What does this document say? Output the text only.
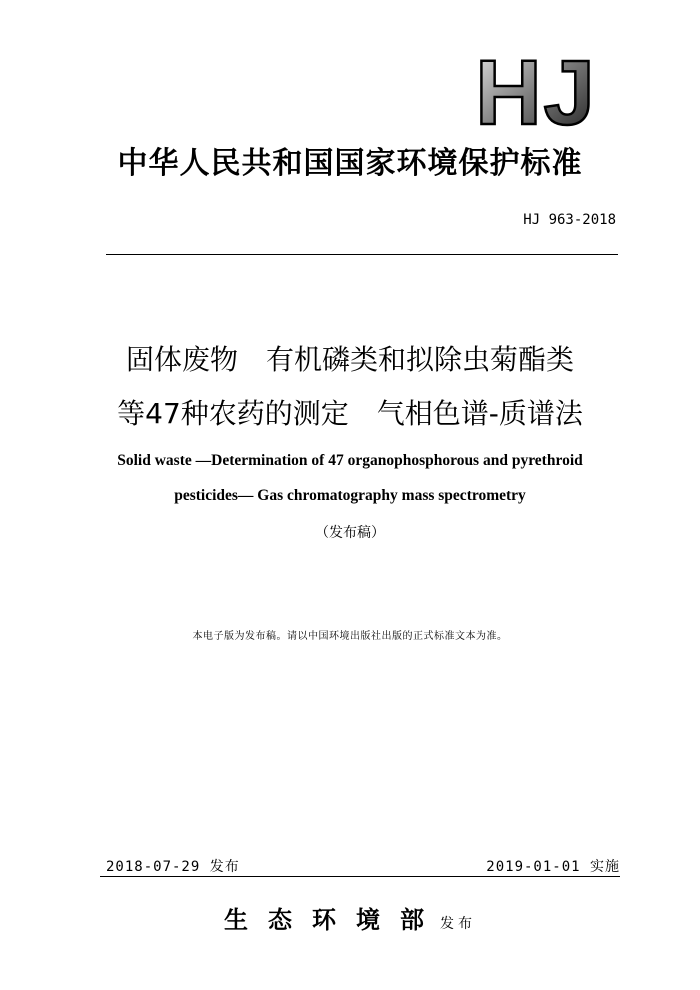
HJ
中华人民共和国国家环境保护标准
HJ 963-2018
固体废物　有机磷类和拟除虫菊酯类
等47种农药的测定　气相色谱-质谱法
Solid waste —Determination of 47 organophosphorous and pyrethroid
pesticides— Gas chromatography mass spectrometry
（发布稿）
本电子版为发布稿。请以中国环境出版社出版的正式标准文本为准。
2018-07-29 发布	2019-01-01 实施
生态环境部发布
